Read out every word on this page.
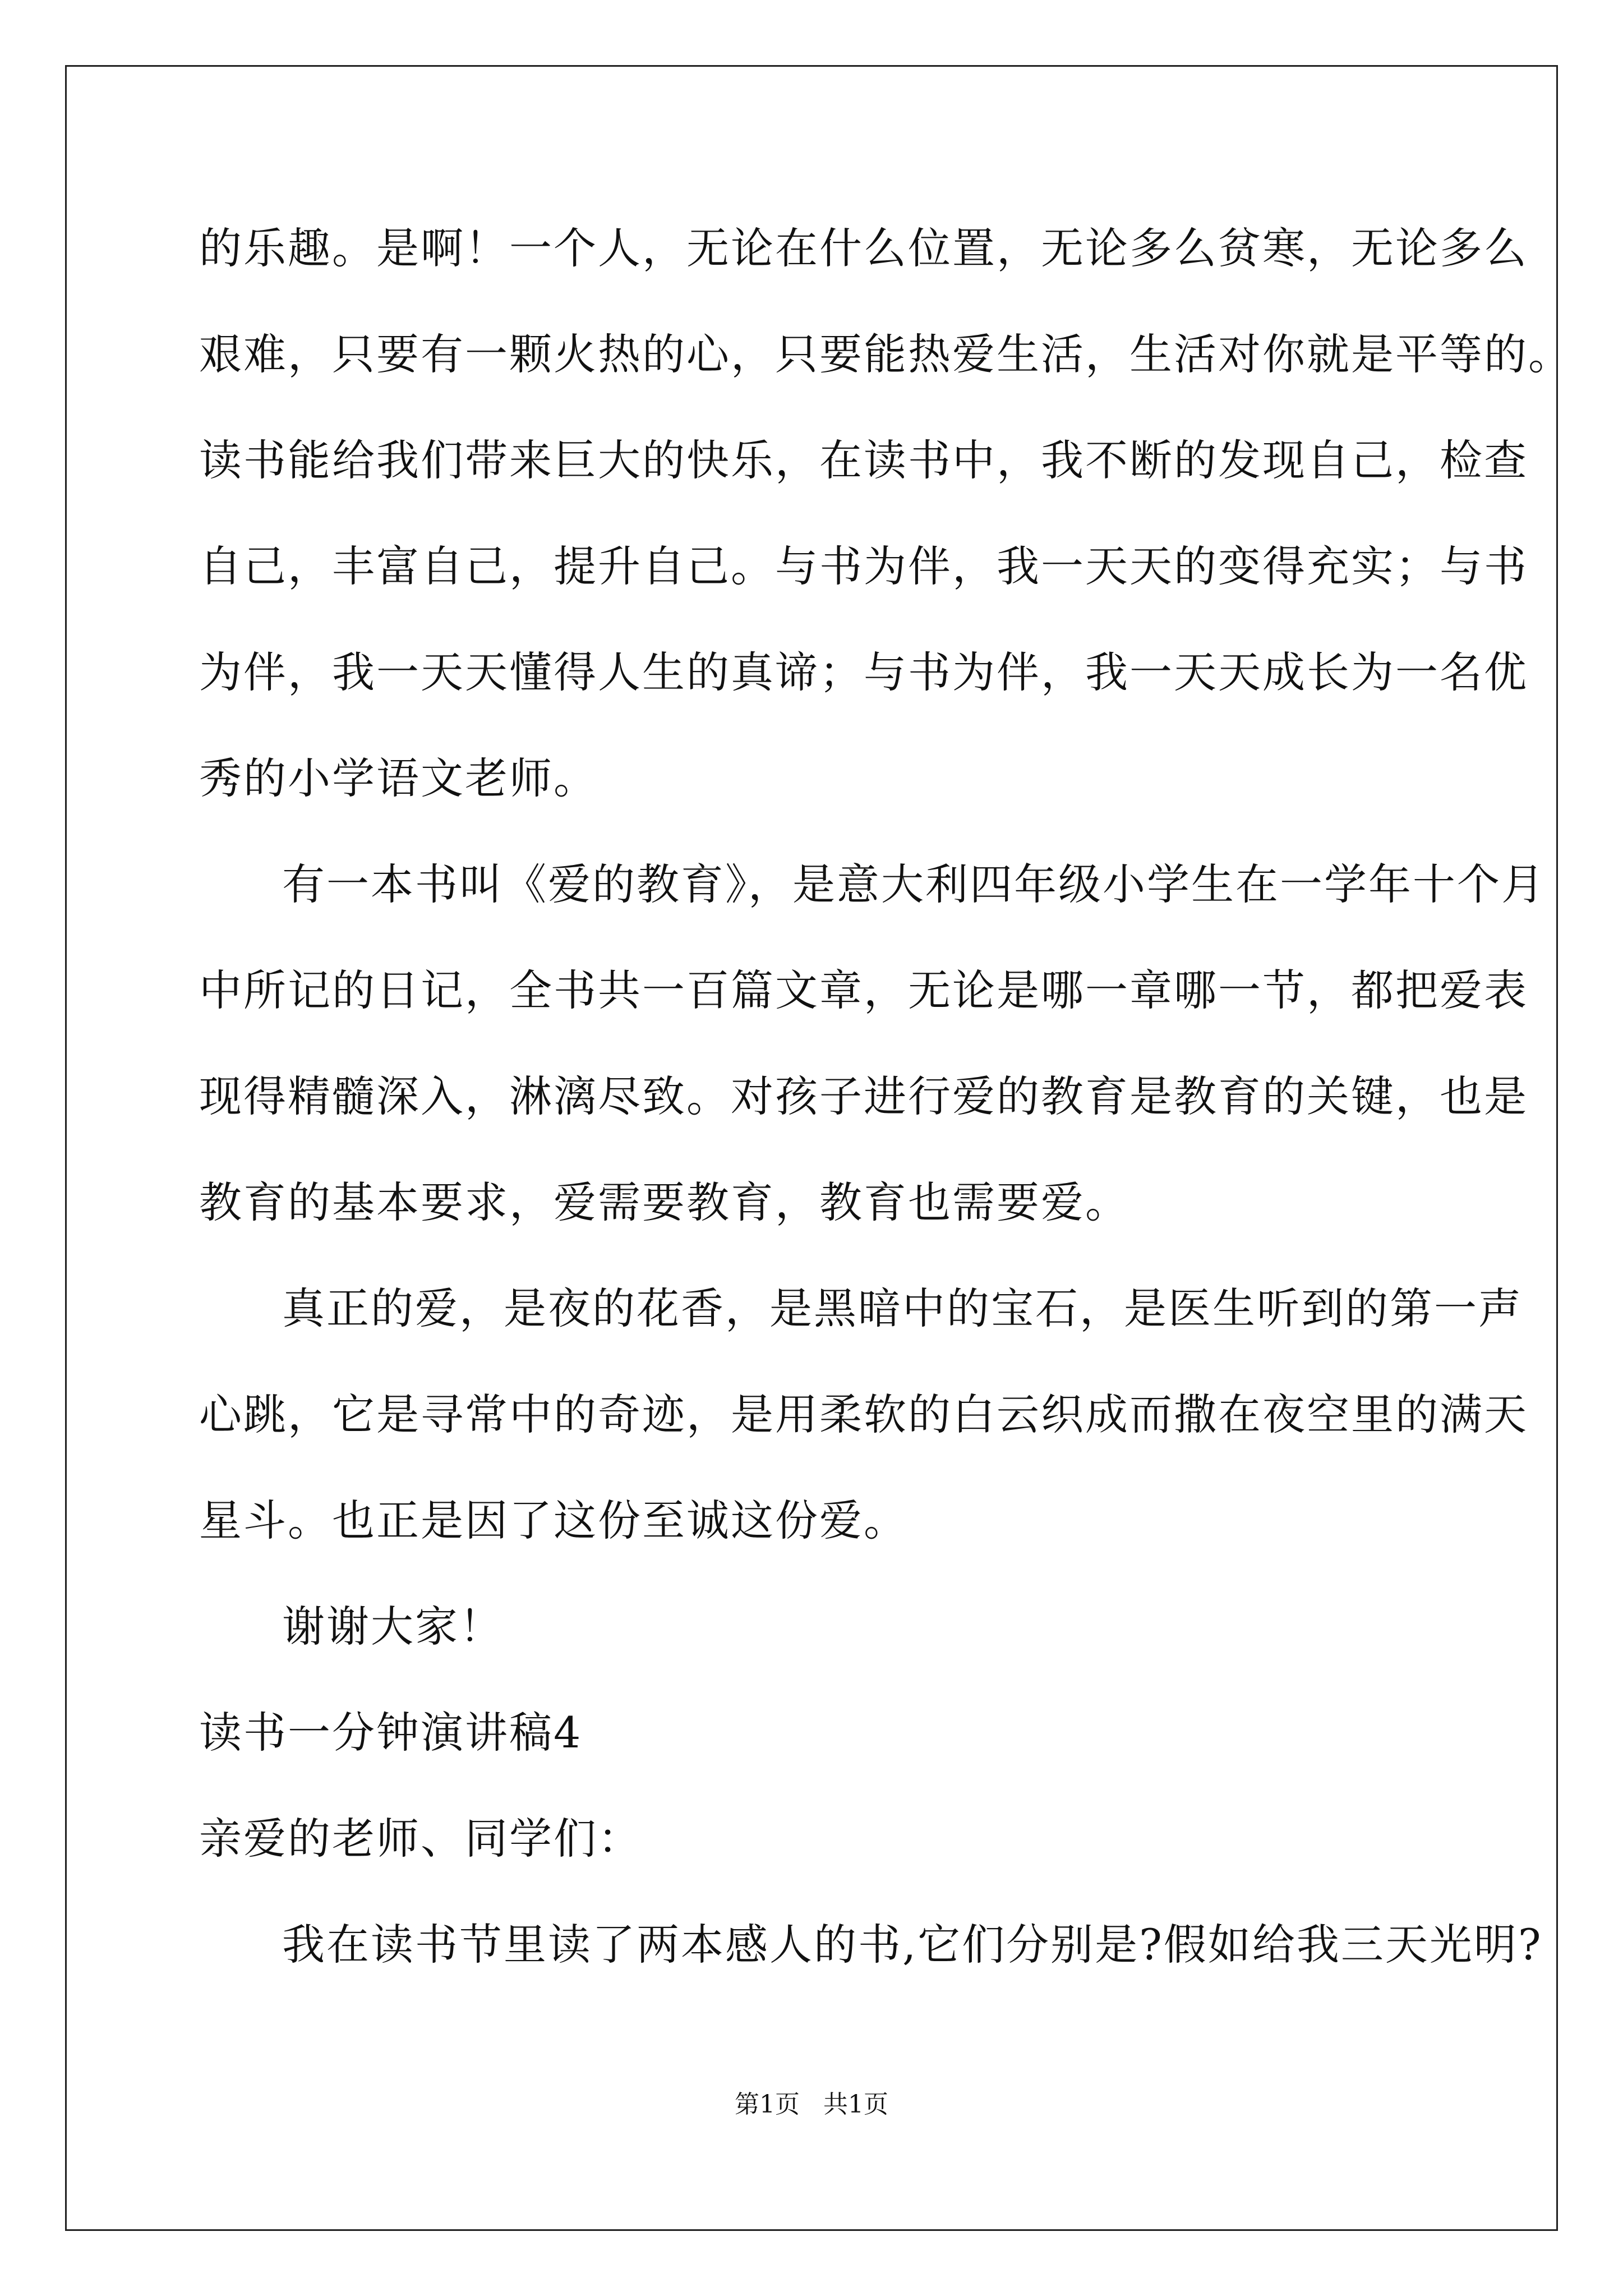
的乐趣。是啊！一个人，无论在什么位置，无论多么贫寒，无论多么
艰难，只要有一颗火热的心，只要能热爱生活，生活对你就是平等的。
读书能给我们带来巨大的快乐，在读书中，我不断的发现自己，检查
自己，丰富自己，提升自己。与书为伴，我一天天的变得充实；与书
为伴，我一天天懂得人生的真谛；与书为伴，我一天天成长为一名优
秀的小学语文老师。
有一本书叫《爱的教育》，是意大利四年级小学生在一学年十个月
中所记的日记，全书共一百篇文章，无论是哪一章哪一节，都把爱表
现得精髓深入，淋漓尽致。对孩子进行爱的教育是教育的关键，也是
教育的基本要求，爱需要教育，教育也需要爱。
真正的爱，是夜的花香，是黑暗中的宝石，是医生听到的第一声
心跳，它是寻常中的奇迹，是用柔软的白云织成而撒在夜空里的满天
星斗。也正是因了这份至诚这份爱。
谢谢大家！
读书一分钟演讲稿4
亲爱的老师、同学们：
我在读书节里读了两本感人的书,它们分别是?假如给我三天光明?
第1页   共1页
